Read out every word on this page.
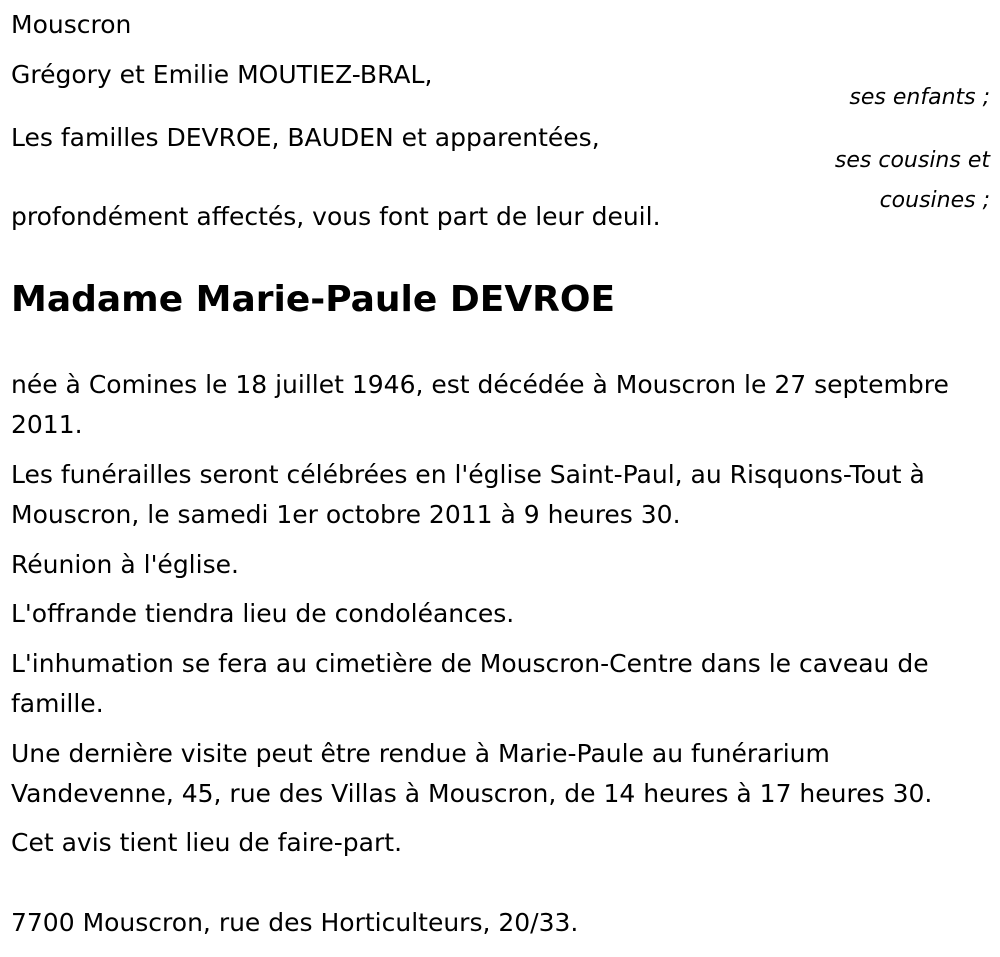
Mouscron
Grégory et Emilie MOUTIEZ-BRAL,
ses enfants ;
Les familles DEVROE, BAUDEN et apparentées,
ses cousins et
cousines ;
profondément affectés, vous font part de leur deuil.
Madame Marie-Paule DEVROE
née à Comines le 18 juillet 1946, est décédée à Mouscron le 27 septembre 2011.
Les funérailles seront célébrées en l'église Saint-Paul, au Risquons-Tout à Mouscron, le samedi 1er octobre 2011 à 9 heures 30.
Réunion à l'église.
L'offrande tiendra lieu de condoléances.
L'inhumation se fera au cimetière de Mouscron-Centre dans le caveau de famille.
Une dernière visite peut être rendue à Marie-Paule au funérarium Vandevenne, 45, rue des Villas à Mouscron, de 14 heures à 17 heures 30.
Cet avis tient lieu de faire-part.
7700 Mouscron, rue des Horticulteurs, 20/33.
